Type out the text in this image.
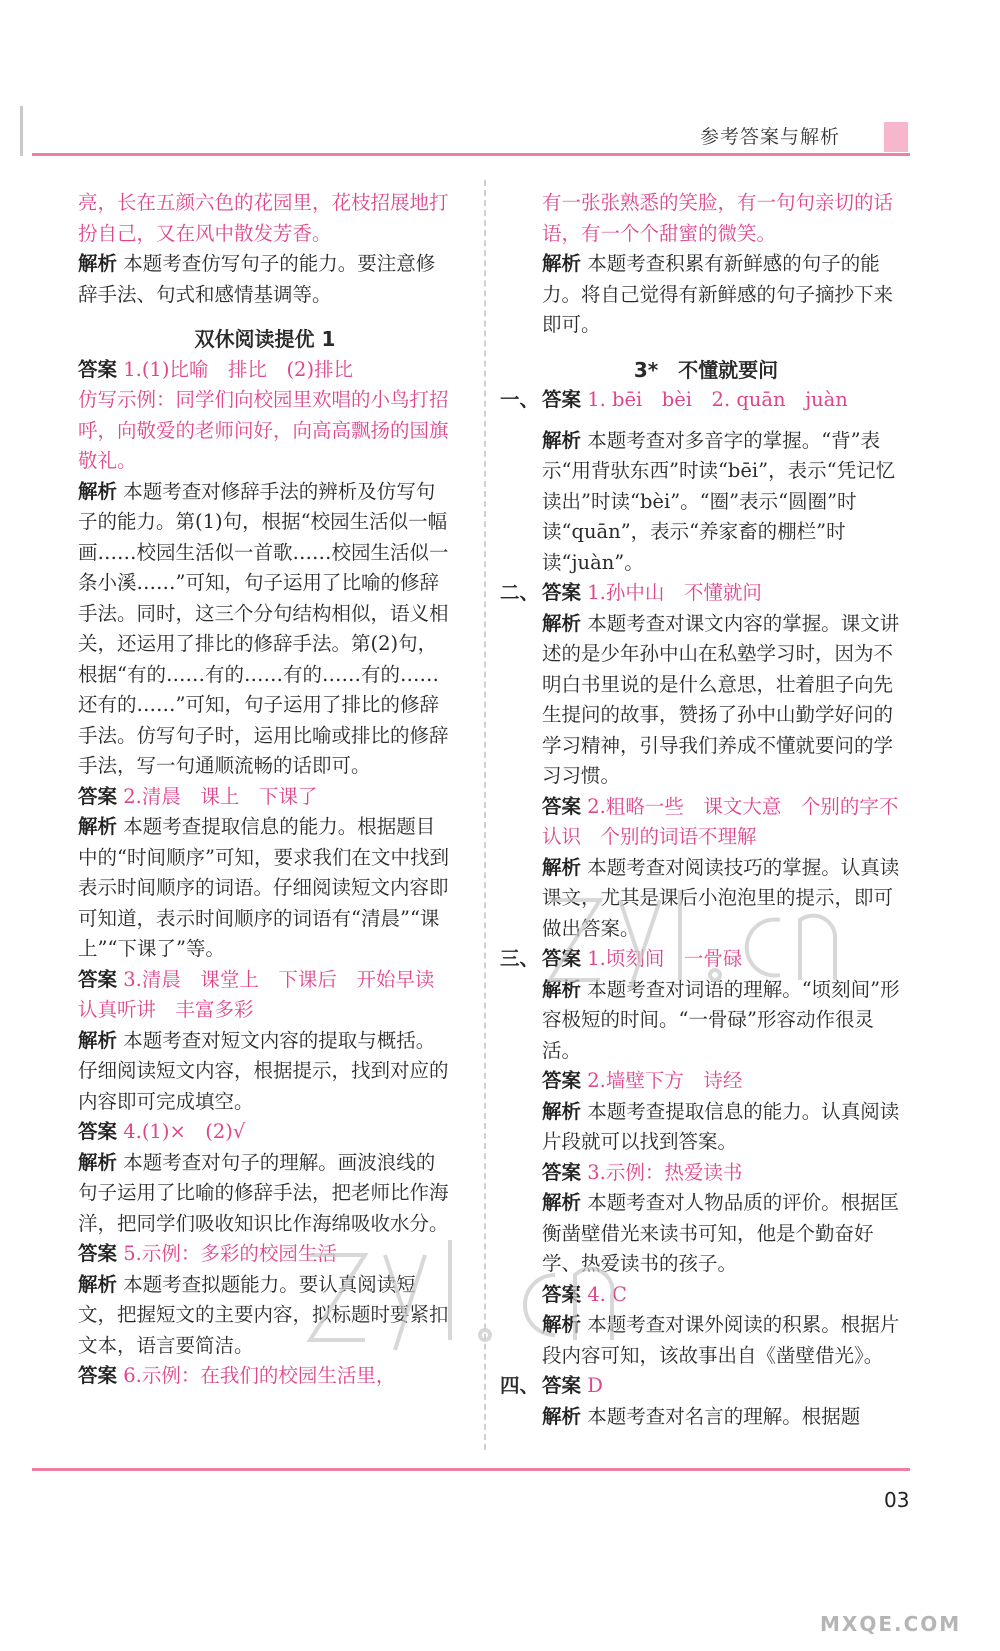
参考答案与解析

亮，长在五颜六色的花园里，花枝招展地打扮自己，又在风中散发芳香。

解析 本题考查仿写句子的能力。要注意修辞手法、句式和感情基调等。

双休阅读提优 1

答案 1.(1)比喻　排比　(2)排比

仿写示例：同学们向校园里欢唱的小鸟打招呼，向敬爱的老师问好，向高高飘扬的国旗敬礼。

解析 本题考查对修辞手法的辨析及仿写句子的能力。第(1)句，根据“校园生活似一幅画……校园生活似一首歌……校园生活似一条小溪……”可知，句子运用了比喻的修辞手法。同时，这三个分句结构相似，语义相关，还运用了排比的修辞手法。第(2)句，根据“有的……有的……有的……有的……还有的……”可知，句子运用了排比的修辞手法。仿写句子时，运用比喻或排比的修辞手法，写一句通顺流畅的话即可。

答案 2.清晨　课上　下课了

解析 本题考查提取信息的能力。根据题目中的“时间顺序”可知，要求我们在文中找到表示时间顺序的词语。仔细阅读短文内容即可知道，表示时间顺序的词语有“清晨”“课上”“下课了”等。

答案 3.清晨　课堂上　下课后　开始早读　认真听讲　丰富多彩

解析 本题考查对短文内容的提取与概括。仔细阅读短文内容，根据提示，找到对应的内容即可完成填空。

答案 4.(1)×　(2)√

解析 本题考查对句子的理解。画波浪线的句子运用了比喻的修辞手法，把老师比作海洋，把同学们吸收知识比作海绵吸收水分。

答案 5.示例：多彩的校园生活

解析 本题考查拟题能力。要认真阅读短文，把握短文的主要内容，拟标题时要紧扣文本，语言要简洁。

答案 6.示例：在我们的校园生活里，

有一张张熟悉的笑脸，有一句句亲切的话语，有一个个甜蜜的微笑。

解析 本题考查积累有新鲜感的句子的能力。将自己觉得有新鲜感的句子摘抄下来即可。

3*　不懂就要问

一、 答案 1. bēi　bèi　2. quān　juàn

解析 本题考查对多音字的掌握。“背”表示“用背驮东西”时读“bēi”，表示“凭记忆读出”时读“bèi”。“圈”表示“圆圈”时读“quān”，表示“养家畜的棚栏”时读“juàn”。

二、 答案 1.孙中山　不懂就问

解析 本题考查对课文内容的掌握。课文讲述的是少年孙中山在私塾学习时，因为不明白书里说的是什么意思，壮着胆子向先生提问的故事，赞扬了孙中山勤学好问的学习精神，引导我们养成不懂就要问的学习习惯。

答案 2.粗略一些　课文大意　个别的字不认识　个别的词语不理解

解析 本题考查对阅读技巧的掌握。认真读课文，尤其是课后小泡泡里的提示，即可做出答案。

三、 答案 1.顷刻间　一骨碌

解析 本题考查对词语的理解。“顷刻间”形容极短的时间。“一骨碌”形容动作很灵活。

答案 2.墙壁下方　诗经

解析 本题考查提取信息的能力。认真阅读片段就可以找到答案。

答案 3.示例：热爱读书

解析 本题考查对人物品质的评价。根据匡衡凿壁借光来读书可知，他是个勤奋好学、热爱读书的孩子。

答案 4. C

解析 本题考查对课外阅读的积累。根据片段内容可知，该故事出自《凿壁借光》。

四、 答案 D

解析 本题考查对名言的理解。根据题

03
MXQE.COM
